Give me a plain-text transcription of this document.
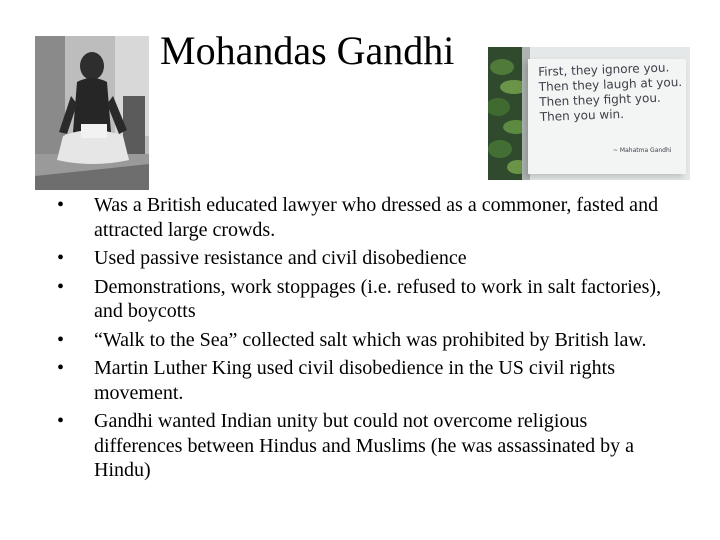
Mohandas Gandhi	First, they ignore you.
Then they laugh at you.
Then they fight you.
Then you win.
~ Mahatma Gandhi
•	Was a British educated lawyer who dressed as a commoner, fasted and attracted large crowds.
•	Used passive resistance and civil disobedience
•	Demonstrations, work stoppages (i.e. refused to work in salt factories), and boycotts
•	“Walk to the Sea” collected salt which was prohibited by British law.
•	Martin Luther King used civil disobedience in the US civil rights movement.
•	Gandhi wanted Indian unity but could not overcome religious differences between Hindus and Muslims (he was assassinated by a Hindu)
